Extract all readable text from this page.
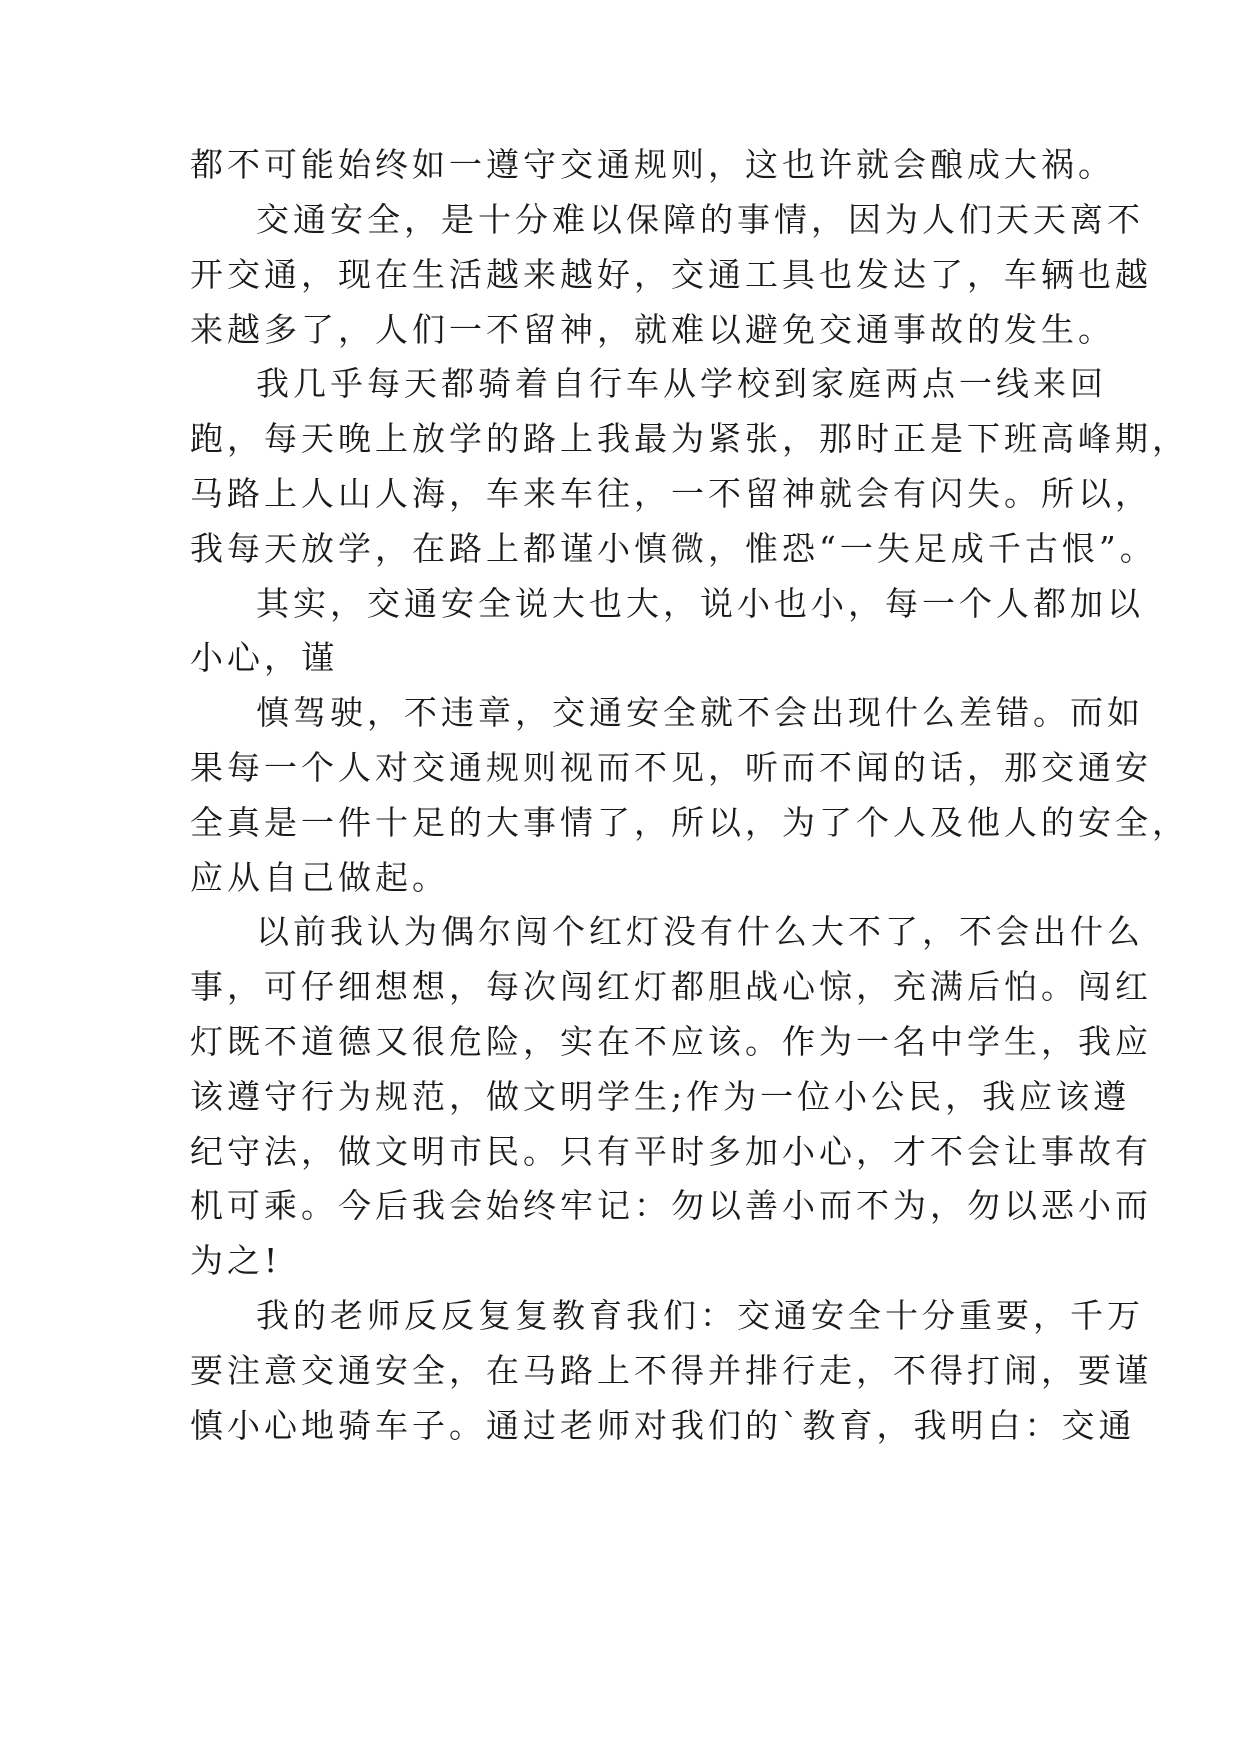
都不可能始终如一遵守交通规则，这也许就会酿成大祸。
交通安全，是十分难以保障的事情，因为人们天天离不
开交通，现在生活越来越好，交通工具也发达了，车辆也越
来越多了，人们一不留神，就难以避免交通事故的发生。
我几乎每天都骑着自行车从学校到家庭两点一线来回
跑，每天晚上放学的路上我最为紧张，那时正是下班高峰期，
马路上人山人海，车来车往，一不留神就会有闪失。所以，
我每天放学，在路上都谨小慎微，惟恐“一失足成千古恨”。
其实，交通安全说大也大，说小也小，每一个人都加以
小心，谨
慎驾驶，不违章，交通安全就不会出现什么差错。而如
果每一个人对交通规则视而不见，听而不闻的话，那交通安
全真是一件十足的大事情了，所以，为了个人及他人的安全，
应从自己做起。
以前我认为偶尔闯个红灯没有什么大不了，不会出什么
事，可仔细想想，每次闯红灯都胆战心惊，充满后怕。闯红
灯既不道德又很危险，实在不应该。作为一名中学生，我应
该遵守行为规范，做文明学生;作为一位小公民，我应该遵
纪守法，做文明市民。只有平时多加小心，才不会让事故有
机可乘。今后我会始终牢记：勿以善小而不为，勿以恶小而
为之!
我的老师反反复复教育我们：交通安全十分重要，千万
要注意交通安全，在马路上不得并排行走，不得打闹，要谨
慎小心地骑车子。通过老师对我们的`教育，我明白：交通
